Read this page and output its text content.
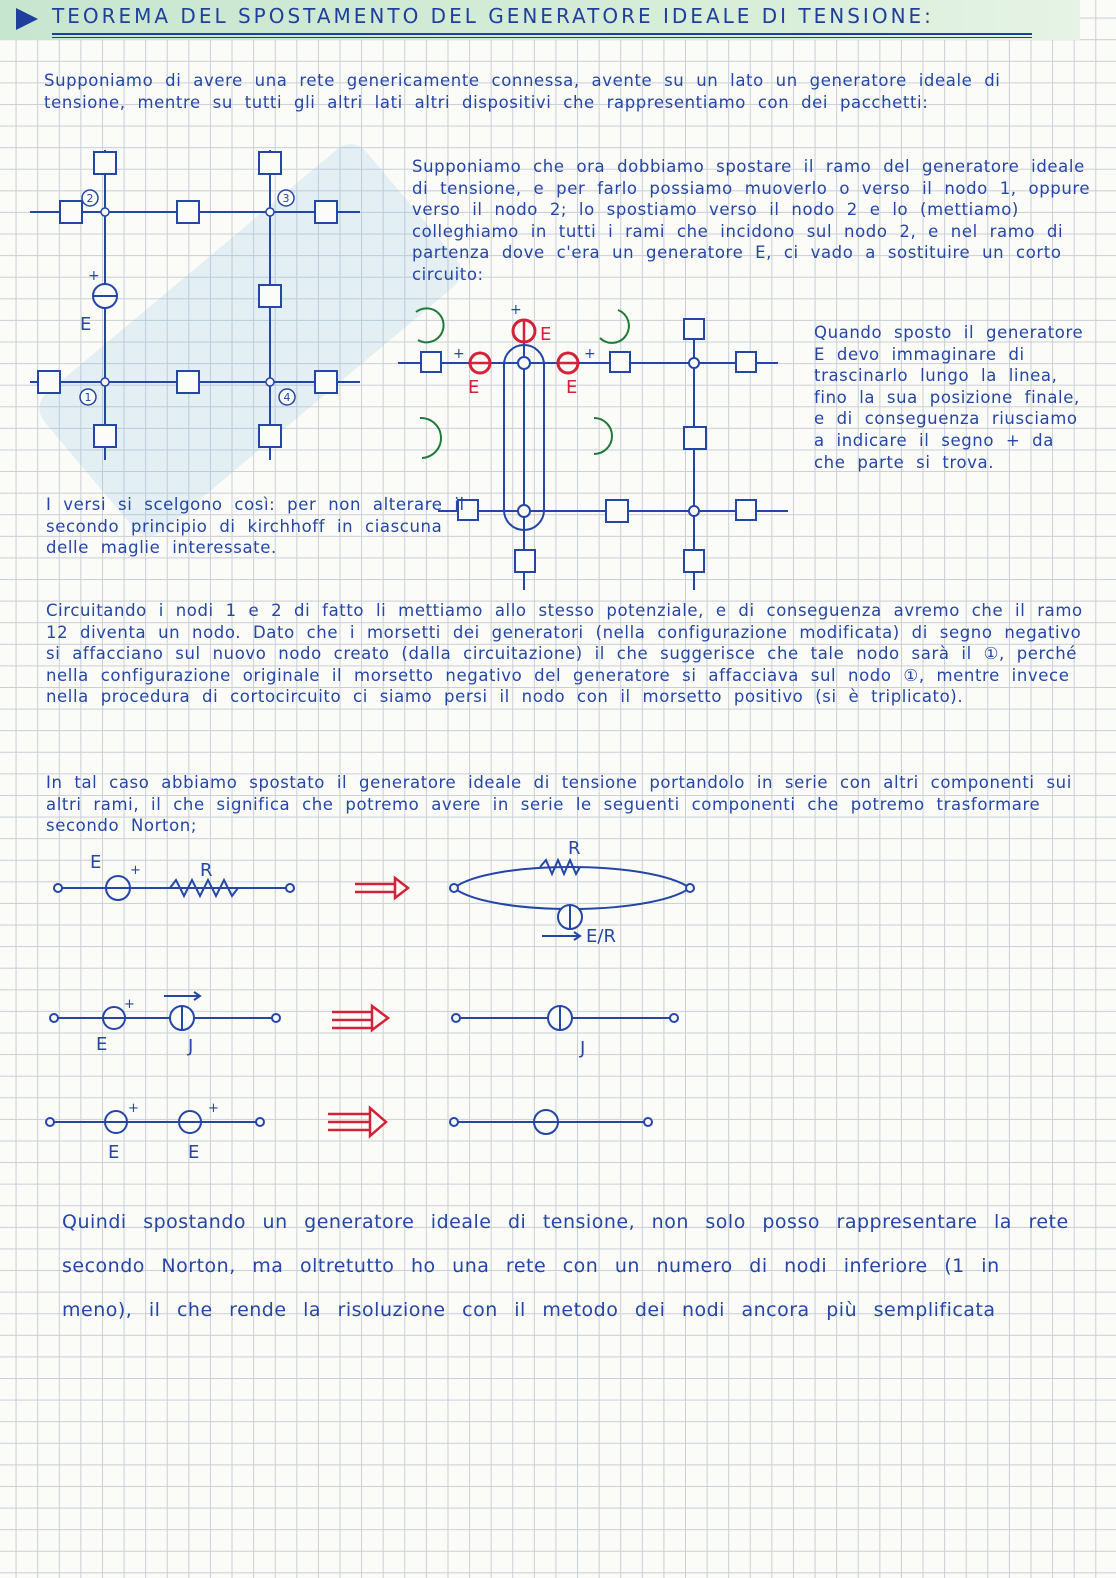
TEOREMA DEL SPOSTAMENTO DEL GENERATORE IDEALE DI TENSIONE:

Supponiamo di avere una rete genericamente connessa, avente su un lato un generatore ideale di tensione, mentre su tutti gli altri lati altri dispositivi che rappresentiamo con dei pacchetti:

2	3
1	4
+
E

Supponiamo che ora dobbiamo spostare il ramo del generatore ideale di tensione, e per farlo possiamo muoverlo o verso il nodo 1, oppure verso il nodo 2; lo spostiamo verso il nodo 2 e lo (mettiamo) colleghiamo in tutti i rami che incidono sul nodo 2, e nel ramo di partenza dove c'era un generatore E, ci vado a sostituire un corto circuito:

E
E	E
+
+	+

Quando sposto il generatore E devo immaginare di trascinarlo lungo la linea, fino la sua posizione finale, e di conseguenza riusciamo a indicare il segno + da che parte si trova.

I versi si scelgono così: per non alterare il secondo principio di kirchhoff in ciascuna delle maglie interessate.

Circuitando i nodi 1 e 2 di fatto li mettiamo allo stesso potenziale, e di conseguenza avremo che il ramo 12 diventa un nodo. Dato che i morsetti dei generatori (nella configurazione modificata) di segno negativo si affacciano sul nuovo nodo creato (dalla circuitazione) il che suggerisce che tale nodo sarà il ①, perché nella configurazione originale il morsetto negativo del generatore si affacciava sul nodo ①, mentre invece nella procedura di cortocircuito ci siamo persi il nodo con il morsetto positivo (si è triplicato).

In tal caso abbiamo spostato il generatore ideale di tensione portandolo in serie con altri componenti sui altri rami, il che significa che potremo avere in serie le seguenti componenti che potremo trasformare secondo Norton;

E +	R
R
E/R
E
+
J	J
E
+
E
+

Quindi spostando un generatore ideale di tensione, non solo posso rappresentare la rete secondo Norton, ma oltretutto ho una rete con un numero di nodi inferiore (1 in meno), il che rende la risoluzione con il metodo dei nodi ancora più semplificata
